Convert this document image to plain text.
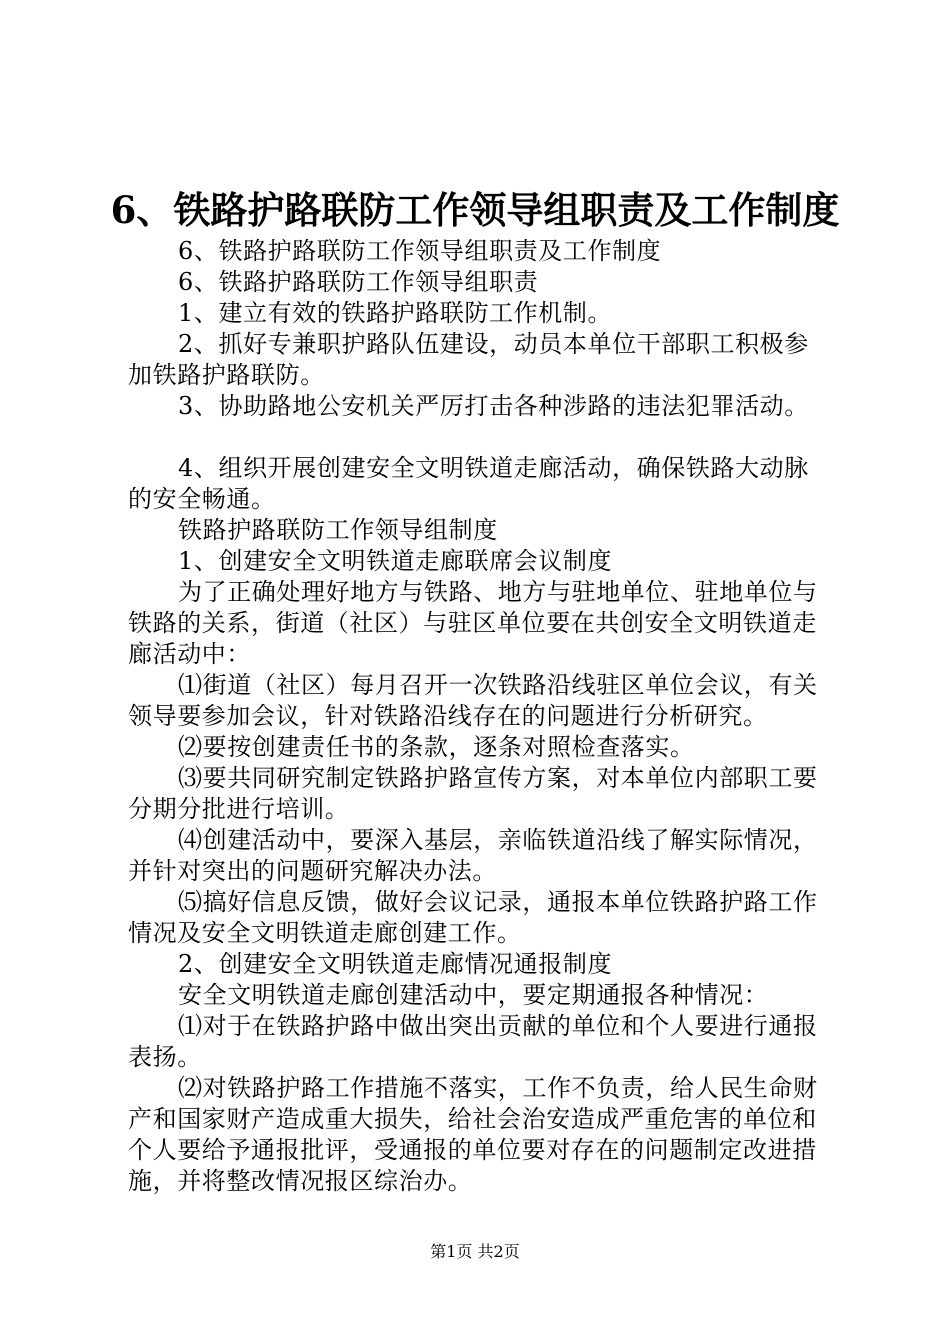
6、铁路护路联防工作领导组职责及工作制度

6、铁路护路联防工作领导组职责及工作制度

6、铁路护路联防工作领导组职责

1、建立有效的铁路护路联防工作机制。

2、抓好专兼职护路队伍建设，动员本单位干部职工积极参加铁路护路联防。

3、协助路地公安机关严厉打击各种涉路的违法犯罪活动。

4、组织开展创建安全文明铁道走廊活动，确保铁路大动脉的安全畅通。

铁路护路联防工作领导组制度

1、创建安全文明铁道走廊联席会议制度

为了正确处理好地方与铁路、地方与驻地单位、驻地单位与铁路的关系，街道（社区）与驻区单位要在共创安全文明铁道走廊活动中：

⑴街道（社区）每月召开一次铁路沿线驻区单位会议，有关领导要参加会议，针对铁路沿线存在的问题进行分析研究。

⑵要按创建责任书的条款，逐条对照检查落实。

⑶要共同研究制定铁路护路宣传方案，对本单位内部职工要分期分批进行培训。

⑷创建活动中，要深入基层，亲临铁道沿线了解实际情况，并针对突出的问题研究解决办法。

⑸搞好信息反馈，做好会议记录，通报本单位铁路护路工作情况及安全文明铁道走廊创建工作。

2、创建安全文明铁道走廊情况通报制度

安全文明铁道走廊创建活动中，要定期通报各种情况：

⑴对于在铁路护路中做出突出贡献的单位和个人要进行通报表扬。

⑵对铁路护路工作措施不落实，工作不负责，给人民生命财产和国家财产造成重大损失，给社会治安造成严重危害的单位和个人要给予通报批评，受通报的单位要对存在的问题制定改进措施，并将整改情况报区综治办。

第1页 共2页
